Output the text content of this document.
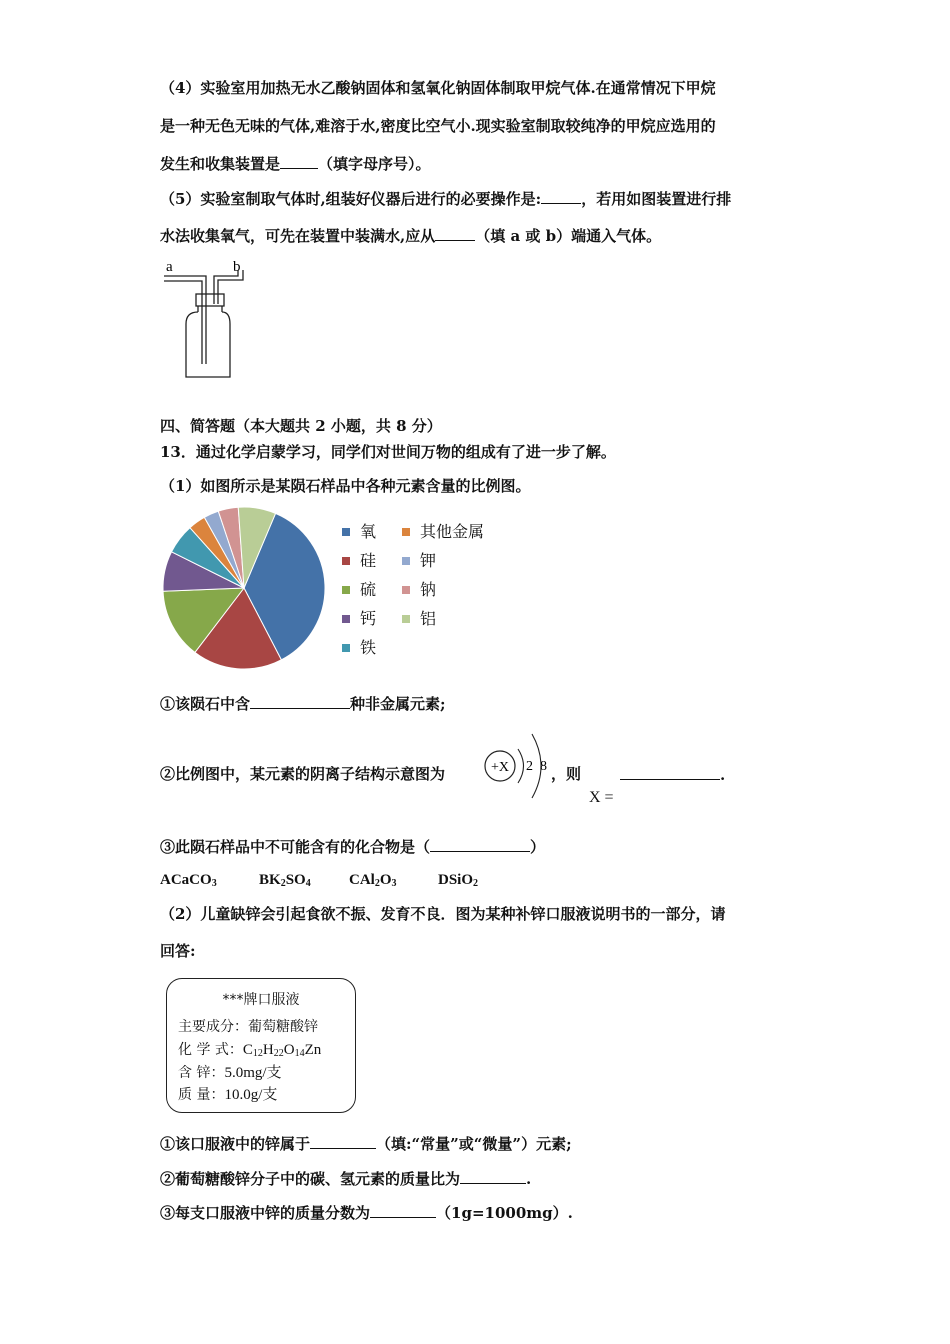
（4）实验室用加热无水乙酸钠固体和氢氧化钠固体制取甲烷气体.在通常情况下甲烷
是一种无色无味的气体,难溶于水,密度比空气小.现实验室制取较纯净的甲烷应选用的
发生和收集装置是	（填字母序号）。
（5）实验室制取气体时,组装好仪器后进行的必要操作是:	，若用如图装置进行排
水法收集氧气，可先在装置中装满水,应从	（填 a 或 b）端通入气体。
a	b
四、简答题（本大题共 2 小题，共 8 分）
13．通过化学启蒙学习，同学们对世间万物的组成有了进一步了解。
（1）如图所示是某陨石样品中各种元素含量的比例图。
氧	其他金属
硅	钾
硫	钠
钙	铝
铁
①该陨石中含	种非金属元素;
②比例图中，某元素的阴离子结构示意图为	+X 2 8 ，则
X =
.
③此陨石样品中不可能含有的化合物是（	）
ACaCO$_3$	$BK_2SO_4$	$CAl_2O_3$	DSiO$_2$
（2）儿童缺锌会引起食欲不振、发育不良．图为某种补锌口服液说明书的一部分，请
回答:
***牌口服液
主要成分：葡萄糖酸锌
化 学 式：$C_{12}H_{22}O_{14}Zn$
含 锌：5.0mg/支
质 量：10.0g/支
①该口服液中的锌属于	（填:“常量”或“微量”）元素;
②葡萄糖酸锌分子中的碳、氢元素的质量比为	.
③每支口服液中锌的质量分数为	（1g=1000mg）.
